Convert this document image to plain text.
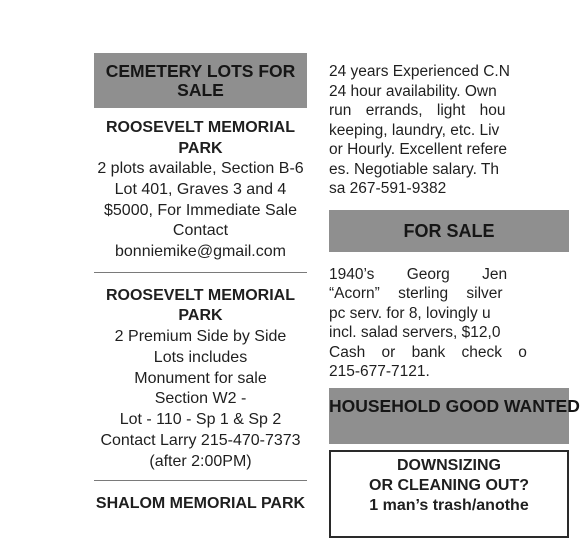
CEMETERY LOTS FOR SALE
ROOSEVELT MEMORIAL PARK
2 plots available, Section B-6
Lot 401, Graves 3 and 4
$5000, For Immediate Sale
Contact
bonniemike@gmail.com
ROOSEVELT MEMORIAL PARK
2 Premium Side by Side
Lots includes
Monument for sale
Section W2 -
Lot - 110 - Sp 1 & Sp 2
Contact Larry 215-470-7373
(after 2:00PM)
SHALOM MEMORIAL PARK
24 years Experienced C.N
24 hour availability. Own
run errands, light hou
keeping, laundry, etc. Liv
or Hourly. Excellent refere
es. Negotiable salary. Th
sa 267-591-9382
FOR SALE
1940’s Georg Jen
“Acorn” sterling silver
pc serv. for 8, lovingly u
incl. salad servers, $12,0
Cash or bank check o
215-677-7121.
HOUSEHOLD GOOD WANTED
DOWNSIZING
OR CLEANING OUT?
1 man’s trash/anothe
